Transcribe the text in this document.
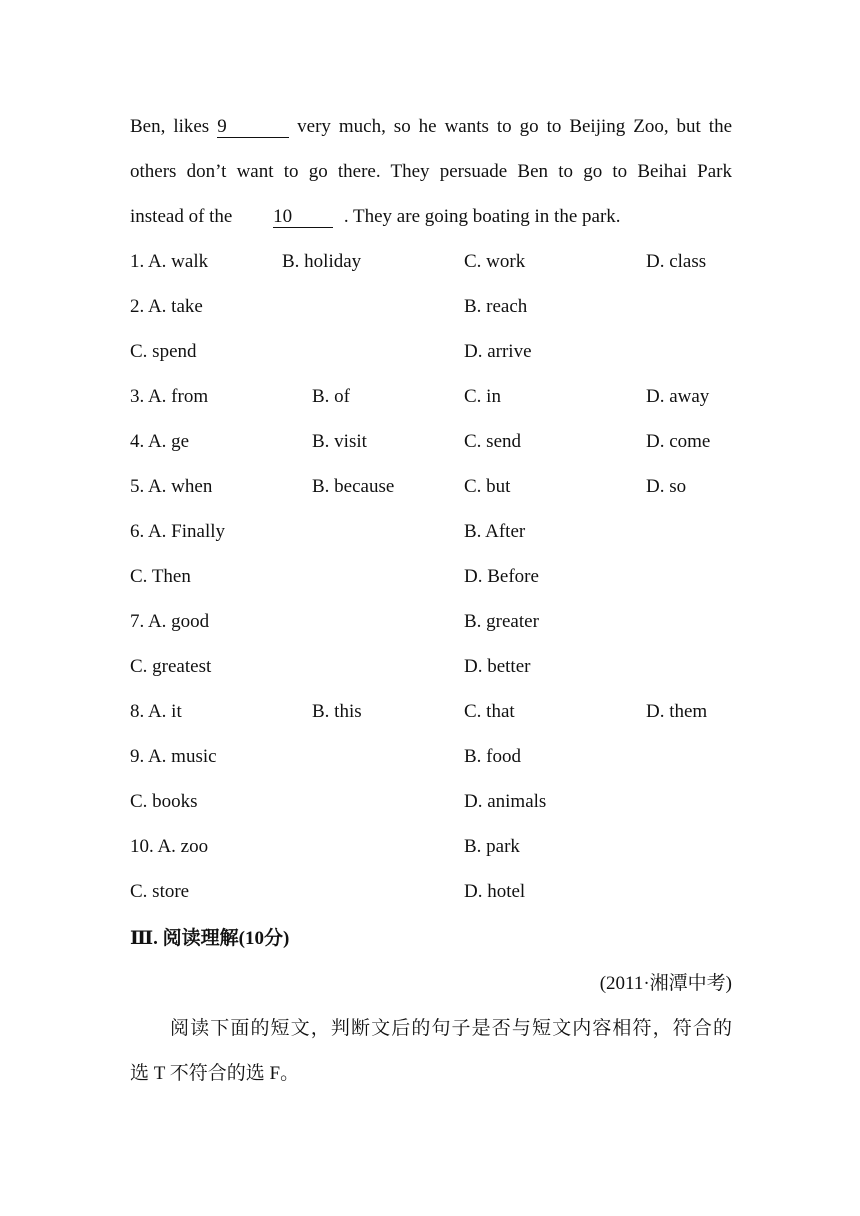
Ben, likes 9	very much, so he wants to go to Beijing Zoo, but the
others don’t want to go there. They persuade Ben to go to Beihai Park
instead of the 10	. They are going boating in the park.
1. A. walk	B. holiday	C. work	D. class
2. A. take	B. reach
C. spend	D. arrive
3. A. from	B. of	C. in	D. away
4. A. ge	B. visit	C. send	D. come
5. A. when	B. because	C. but	D. so
6. A. Finally	B. After
C. Then	D. Before
7. A. good	B. greater
C. greatest	D. better
8. A. it	B. this	C. that	D. them
9. A. music	B. food
C. books	D. animals
10. A. zoo	B. park
C. store	D. hotel
Ⅲ. 阅读理解(10分)
(2011·湘潭中考)
阅读下面的短文，判断文后的句子是否与短文内容相符，符合的
选 T 不符合的选 F。
